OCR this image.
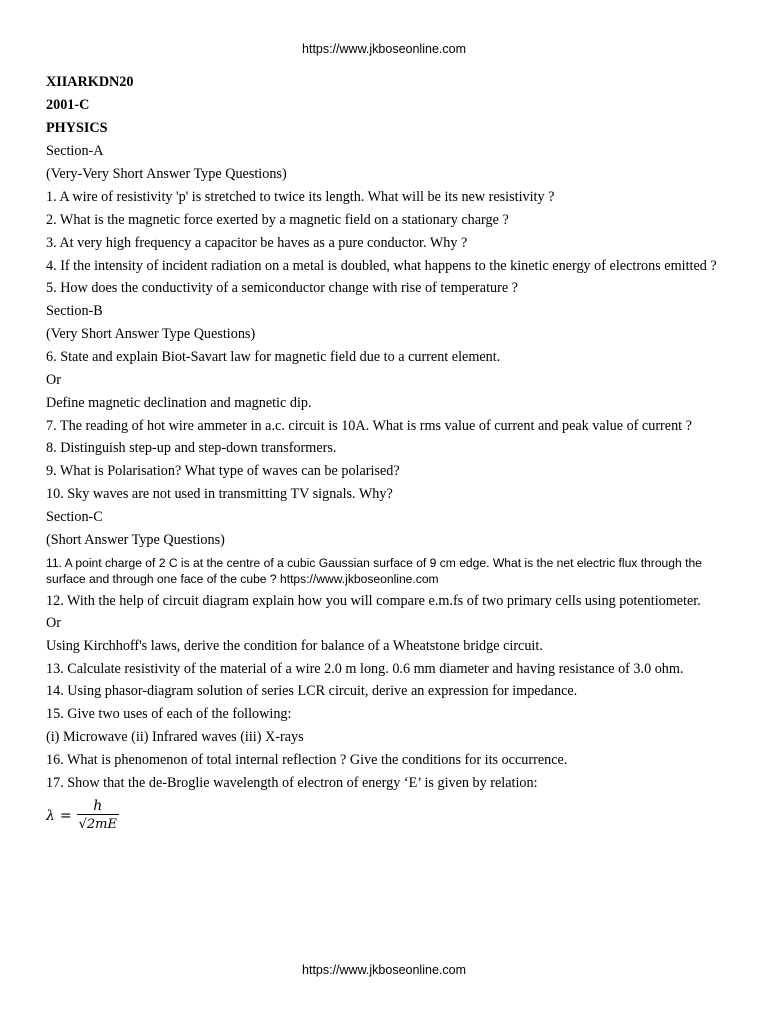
https://www.jkboseonline.com
XIIARKDN20
2001-C
PHYSICS
Section-A
(Very-Very Short Answer Type Questions)
1. A wire of resistivity 'p' is stretched to twice its length. What will be its new resistivity ?
2. What is the magnetic force exerted by a magnetic field on a stationary charge ?
3. At very high frequency a capacitor be haves as a pure conductor. Why ?
4. If the intensity of incident radiation on a metal is doubled, what happens to the kinetic energy of electrons emitted ?
5. How does the conductivity of a semiconductor change with rise of temperature ?
Section-B
(Very Short Answer Type Questions)
6. State and explain Biot-Savart law for magnetic field due to a current element.
Or
Define magnetic declination and magnetic dip.
7. The reading of hot wire ammeter in a.c. circuit is 10A. What is rms value of current and peak value of current ?
8. Distinguish step-up and step-down transformers.
9. What is Polarisation? What type of waves can be polarised?
10. Sky waves are not used in transmitting TV signals. Why?
Section-C
(Short Answer Type Questions)
11. A point charge of 2 C is at the centre of a cubic Gaussian surface of 9 cm edge. What is the net electric flux through the surface and through one face of the cube ? https://www.jkboseonline.com
12. With the help of circuit diagram explain how you will compare e.m.fs of two primary cells using potentiometer.
Or
Using Kirchhoff's laws, derive the condition for balance of a Wheatstone bridge circuit.
13. Calculate resistivity of the material of a wire 2.0 m long. 0.6 mm diameter and having resistance of 3.0 ohm.
14. Using phasor-diagram solution of series LCR circuit, derive an expression for impedance.
15. Give two uses of each of the following:
(i) Microwave (ii) Infrared waves (iii) X-rays
16. What is phenomenon of total internal reflection ? Give the conditions for its occurrence.
17. Show that the de-Broglie wavelength of electron of energy ‘E’ is given by relation:
$\lambda = \frac{h}{√2mE}$
https://www.jkboseonline.com
